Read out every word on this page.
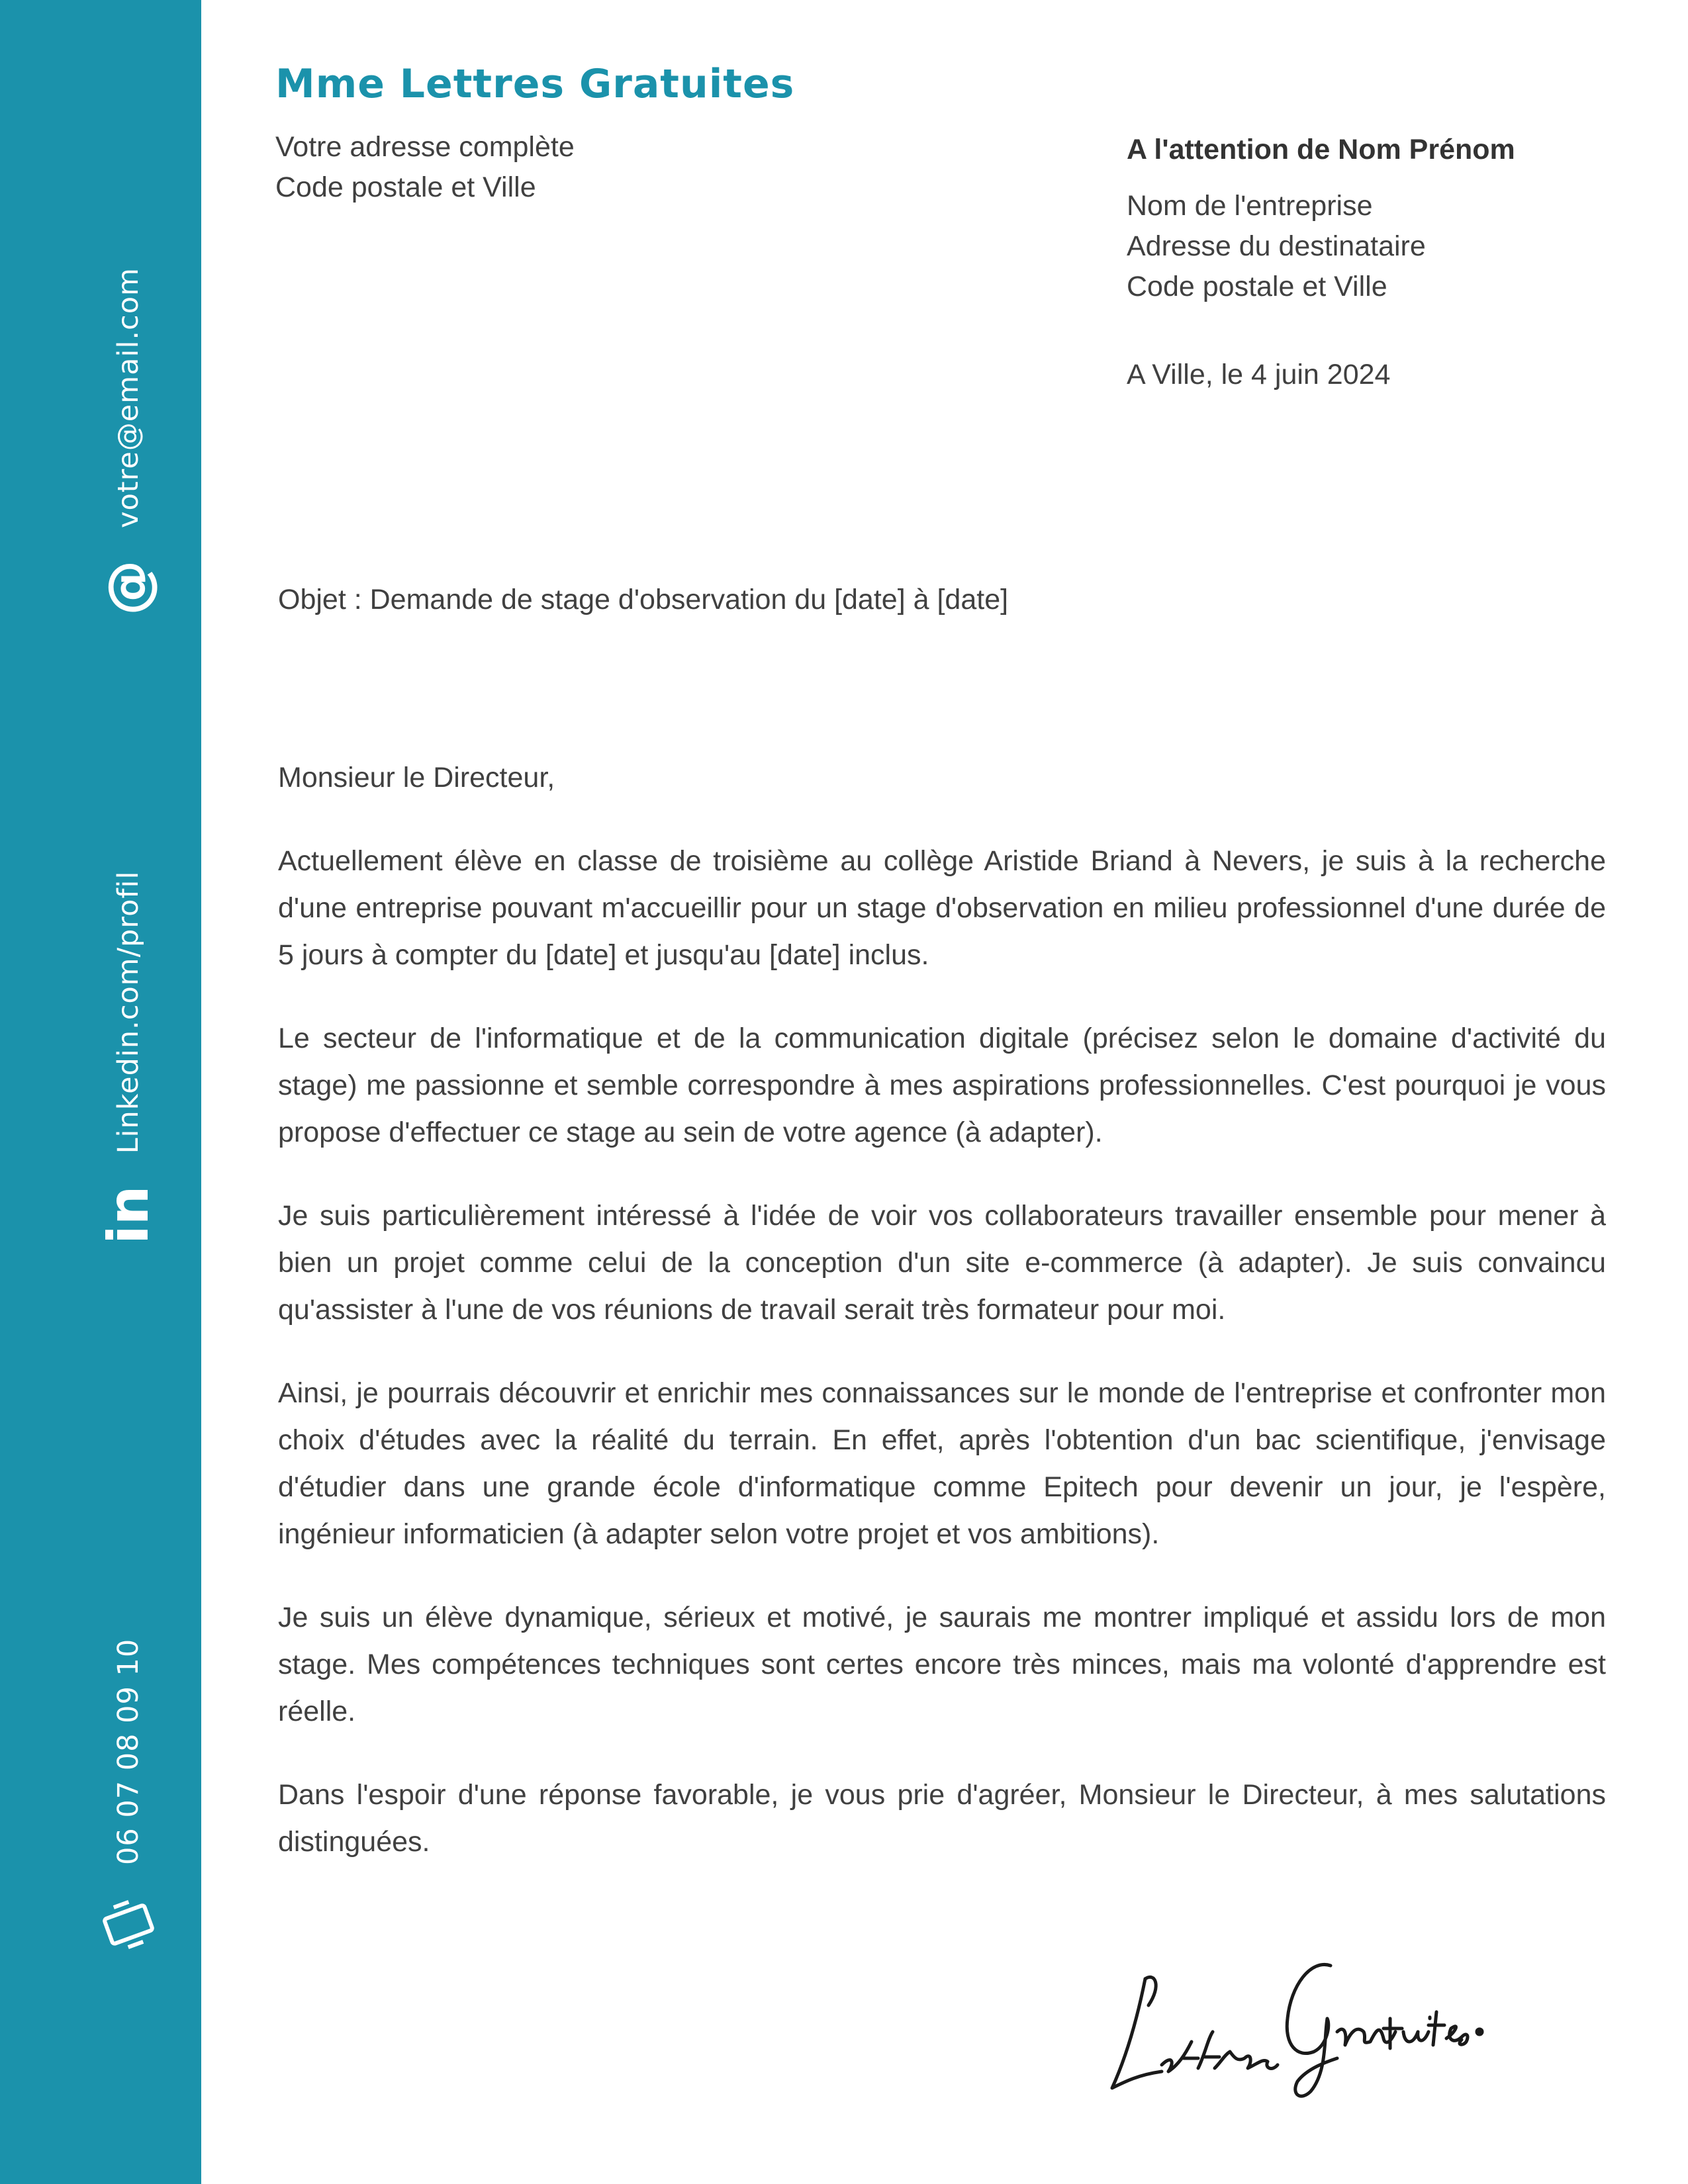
@
votre@email.com
in
Linkedin.com/profil
06 07 08 09 10
Mme Lettres Gratuites
Votre adresse complète
Code postale et Ville
A l'attention de Nom Prénom
Nom de l'entreprise
Adresse du destinataire
Code postale et Ville
A Ville, le 4 juin 2024
Objet : Demande de stage d'observation du [date] à [date]

Monsieur le Directeur,

Actuellement élève en classe de troisième au collège Aristide Briand à Nevers, je suis à la recherche d'une entreprise pouvant m'accueillir pour un stage d'observation en milieu professionnel d'une durée de 5 jours à compter du [date] et jusqu'au [date] inclus.

Le secteur de l'informatique et de la communication digitale (précisez selon le domaine d'activité du stage) me passionne et semble correspondre à mes aspirations professionnelles. C'est pourquoi je vous propose d'effectuer ce stage au sein de votre agence (à adapter).

Je suis particulièrement intéressé à l'idée de voir vos collaborateurs travailler ensemble pour mener à bien un projet comme celui de la conception d'un site e-commerce (à adapter). Je suis convaincu qu'assister à l'une de vos réunions de travail serait très formateur pour moi.

Ainsi, je pourrais découvrir et enrichir mes connaissances sur le monde de l'entreprise et confronter mon choix d'études avec la réalité du terrain. En effet, après l'obtention d'un bac scientifique, j'envisage d'étudier dans une grande école d'informatique comme Epitech pour devenir un jour, je l'espère, ingénieur informaticien (à adapter selon votre projet et vos ambitions).

Je suis un élève dynamique, sérieux et motivé, je saurais me montrer impliqué et assidu lors de mon stage. Mes compétences techniques sont certes encore très minces, mais ma volonté d'apprendre est réelle.

Dans l'espoir d'une réponse favorable, je vous prie d'agréer, Monsieur le Directeur, à mes salutations distinguées.
